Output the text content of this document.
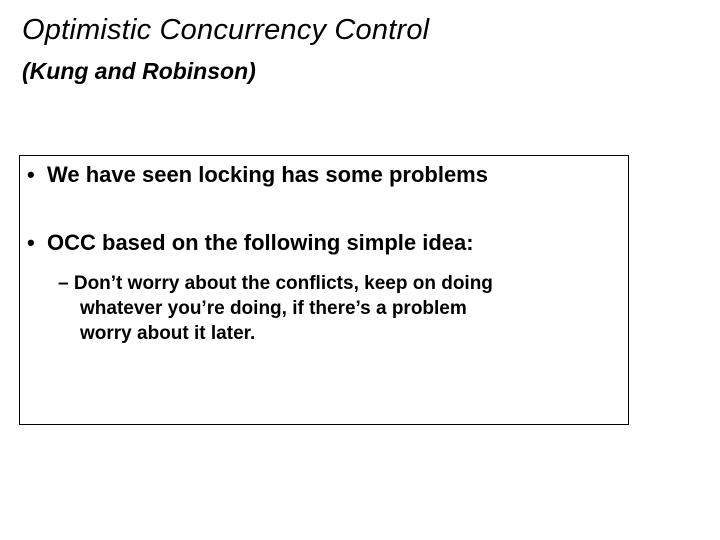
Optimistic Concurrency Control
(Kung and Robinson)
• We have seen locking has some problems
• OCC based on the following simple idea:
– Don’t worry about the conflicts, keep on doing
whatever you’re doing, if there’s a problem
worry about it later.
